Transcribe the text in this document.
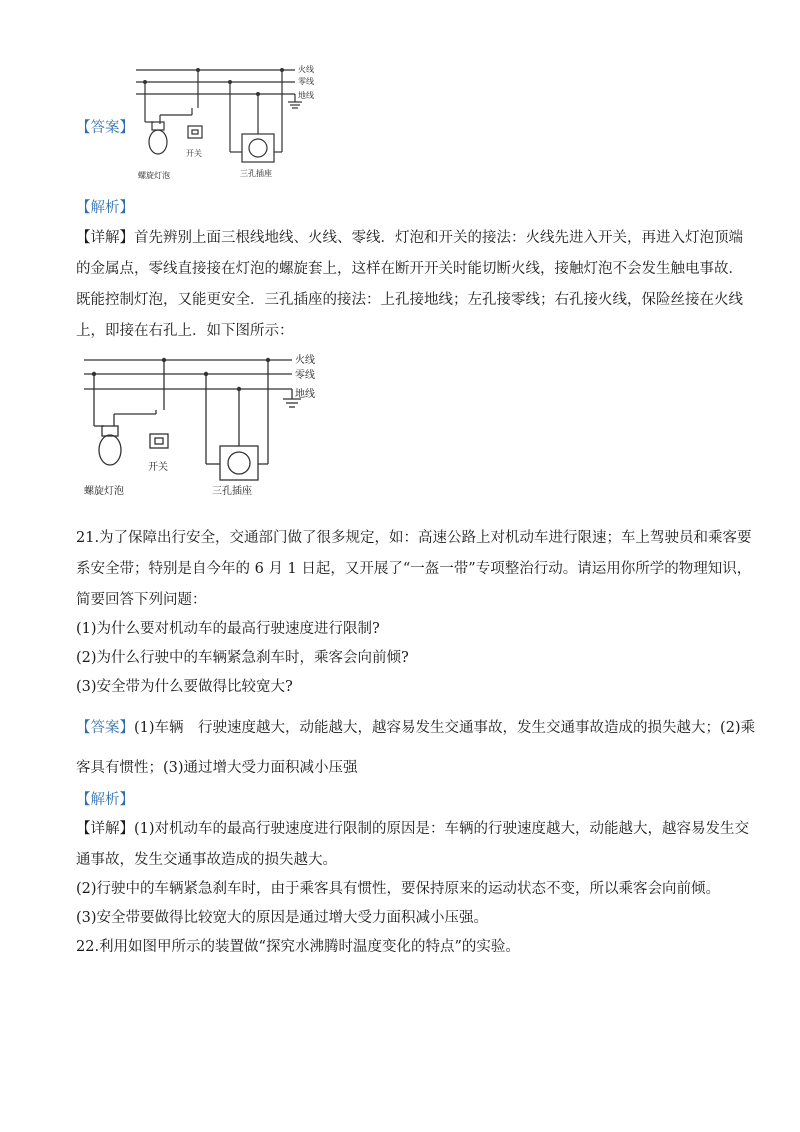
【答案】
火线
零线
地线
螺旋灯泡
开关
三孔插座
【解析】
【详解】首先辨别上面三根线地线、火线、零线．灯泡和开关的接法：火线先进入开关，再进入灯泡顶端
的金属点，零线直接接在灯泡的螺旋套上，这样在断开开关时能切断火线，接触灯泡不会发生触电事故．
既能控制灯泡，又能更安全．三孔插座的接法：上孔接地线；左孔接零线；右孔接火线，保险丝接在火线
上，即接在右孔上．如下图所示：
火线
零线
地线
螺旋灯泡
开关
三孔插座
21.为了保障出行安全，交通部门做了很多规定，如：高速公路上对机动车进行限速；车上驾驶员和乘客要
系安全带；特别是自今年的 6 月 1 日起，又开展了“一盔一带”专项整治行动。请运用你所学的物理知识，
简要回答下列问题：
(1)为什么要对机动车的最高行驶速度进行限制?
(2)为什么行驶中的车辆紧急刹车时，乘客会向前倾?
(3)安全带为什么要做得比较宽大?
【答案】(1)车辆　行驶速度越大，动能越大，越容易发生交通事故，发生交通事故造成的损失越大；(2)乘
客具有惯性；(3)通过增大受力面积减小压强
【解析】
【详解】(1)对机动车的最高行驶速度进行限制的原因是：车辆的行驶速度越大，动能越大，越容易发生交
通事故，发生交通事故造成的损失越大。
(2)行驶中的车辆紧急刹车时，由于乘客具有惯性，要保持原来的运动状态不变，所以乘客会向前倾。
(3)安全带要做得比较宽大的原因是通过增大受力面积减小压强。
22.利用如图甲所示的装置做“探究水沸腾时温度变化的特点”的实验。
